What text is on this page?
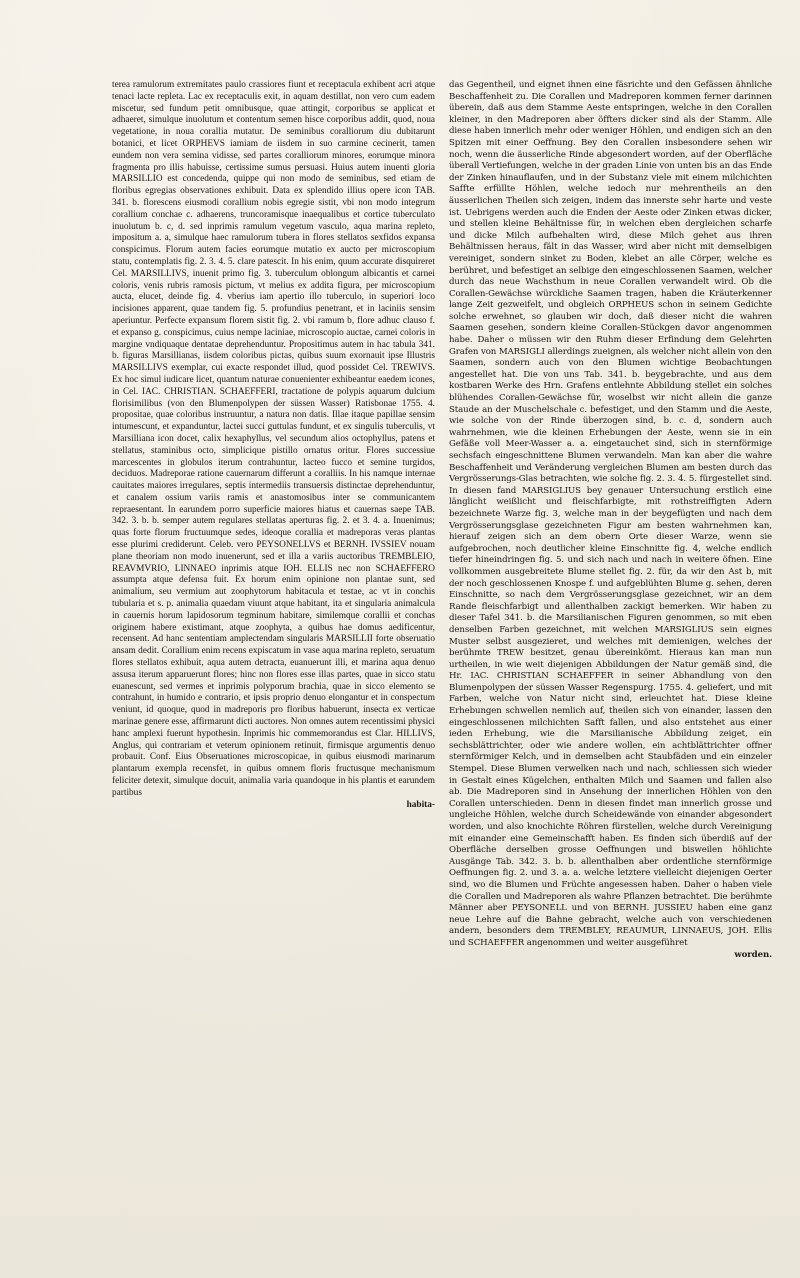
terea ramulorum extremitates paulo crassiores fiunt et receptacula exhibent acri atque tenaci lacte repleta. Lac ex receptaculis exit, in aquam destillat, non vero cum eadem miscetur, sed fundum petit omnibusque, quae attingit, corporibus se applicat et adhaeret, simulque inuolutum et contentum semen hisce corporibus addit, quod, noua vegetatione, in noua corallia mutatur. De seminibus coralliorum diu dubitarunt botanici, et licet ORPHEVS iamiam de iisdem in suo carmine cecinerit, tamen eundem non vera semina vidisse, sed partes coralliorum minores, eorumque minora fragmenta pro illis habuisse, certissime sumus persuasi. Huius autem inuenti gloria MARSILLIO est concedenda, quippe qui non modo de seminibus, sed etiam de floribus egregias observationes exhibuit. Data ex splendido illius opere icon TAB. 341. b. florescens eiusmodi corallium nobis egregie sistit, vbi non modo integrum corallium conchae c. adhaerens, truncoramisque inaequalibus et cortice tuberculato inuolutum b. c, d. sed inprimis ramulum vegetum vasculo, aqua marina repleto, impositum a. a, simulque haec ramulorum tubera in flores stellatos sexfidos expansa conspicimus. Florum autem facies eorumque mutatio ex aucto per microscopium statu, contemplatis fig. 2. 3. 4. 5. clare patescit. In his enim, quum accurate disquireret Cel. MARSILLIVS, inuenit primo fig. 3. tuberculum oblongum albicantis et carnei coloris, venis rubris ramosis pictum, vt melius ex addita figura, per microscopium aucta, elucet, deinde fig. 4. vberius iam apertio illo tuberculo, in superiori loco incisiones apparent, quae tandem fig. 5. profundius penetrant, et in laciniis sensim aperiuntur. Perfecte expansum florem sistit fig. 2. vbi ramum b, flore adhuc clauso f. et expanso g. conspicimus, cuius nempe laciniae, microscopio auctae, carnei coloris in margine vndiquaque dentatae deprehenduntur. Propositimus autem in hac tabula 341. b. figuras Marsillianas, iisdem coloribus pictas, quibus suum exornauit ipse Illustris MARSILLIVS exemplar, cui exacte respondet illud, quod possidet Cel. TREWIVS. Ex hoc simul iudicare licet, quantum naturae conuenienter exhibeantur eaedem icones, in Cel. IAC. CHRISTIAN. SCHAEFFERI, tractatione de polypis aquarum dulcium florisimilibus (von den Blumenpolypen der süssen Wasser) Ratisbonae 1755. 4. propositae, quae coloribus instruuntur, a natura non datis. Illae itaque papillae sensim intumescunt, et expanduntur, lactei succi guttulas fundunt, et ex singulis tuberculis, vt Marsilliana icon docet, calix hexaphyllus, vel secundum alios octophyllus, patens et stellatus, staminibus octo, simplicique pistillo ornatus oritur. Flores successiue marcescentes in globulos iterum contrahuntur, lacteo fucco et semine turgidos, deciduos. Madreporae ratione cauernarum differunt a coralliis. In his namque internae cauitates maiores irregulares, septis intermediis transuersis distinctae deprehenduntur, et canalem ossium variis ramis et anastomosibus inter se communicantem repraesentant. In earundem porro superficie maiores hiatus et cauernas saepe TAB. 342. 3. b. b. semper autem regulares stellatas aperturas fig. 2. et 3. 4. a. Inuenimus; quas forte florum fructuumque sedes, ideoque corallia et madreporas veras plantas esse plurimi crediderunt. Celeb. vero PEYSONELLVS et BERNH. IVSSIEV nouam plane theoriam non modo inuenerunt, sed et illa a variis auctoribus TREMBLEIO, REAVMVRIO, LINNAEO inprimis atque IOH. ELLIS nec non SCHAEFFERO assumpta atque defensa fuit. Ex horum enim opinione non plantae sunt, sed animalium, seu vermium aut zoophytorum habitacula et testae, ac vt in conchis tubularia et s. p. animalia quaedam viuunt atque habitant, ita et singularia animalcula in cauernis horum lapidosorum tegminum habitare, similemque corallii et conchas originem habere existimant, atque zoophyta, a quibus hae domus aedificentur, recensent. Ad hanc sententiam amplectendam singularis MARSILLII forte obseruatio ansam dedit. Corallium enim recens expiscatum in vase aqua marina repleto, seruatum flores stellatos exhibuit, aqua autem detracta, euanuerunt illi, et marina aqua denuo assusa iterum apparuerunt flores; hinc non flores esse illas partes, quae in sicco statu euanescunt, sed vermes et inprimis polyporum brachia, quae in sicco elemento se contrahunt, in humido e contrario, et ipsis proprio denuo elongantur et in conspectum veniunt, id quoque, quod in madreporis pro floribus habuerunt, insecta ex verticae marinae genere esse, affirmarunt dicti auctores. Non omnes autem recentissimi physici hanc amplexi fuerunt hypothesin. Inprimis hic commemorandus est Clar. HILLIVS, Anglus, qui contrariam et veterum opinionem retinuit, firmisque argumentis denuo probauit. Conf. Eius Obseruationes microscopicae, in quibus eiusmodi marinarum plantarum exempla recensfet, in quibus omnem floris fructusque mechanismum feliciter detexit, simulque docuit, animalia varia quandoque in his plantis et earundem partibus

habita-

das Gegentheil, und eignet ihnen eine fäsrichte und den Gefässen ähnliche Beschaffenheit zu. Die Corallen und Madreporen kommen ferner darinnen überein, daß aus dem Stamme Aeste entspringen, welche in den Corallen kleiner, in den Madreporen aber öffters dicker sind als der Stamm. Alle diese haben innerlich mehr oder weniger Höhlen, und endigen sich an den Spitzen mit einer Oeffnung. Bey den Corallen insbesondere sehen wir noch, wenn die äusserliche Rinde abgesondert worden, auf der Oberfläche überall Vertiefungen, welche in der graden Linie von unten bis an das Ende der Zinken hinauflaufen, und in der Substanz viele mit einem milchichten Saffte erfüllte Höhlen, welche iedoch nur mehrentheils an den äusserlichen Theilen sich zeigen, indem das innerste sehr harte und veste ist. Uebrigens werden auch die Enden der Aeste oder Zinken etwas dicker, und stellen kleine Behältnisse für, in welchen eben dergleichen scharfe und dicke Milch aufbehalten wird, diese Milch gehet aus ihren Behältnissen heraus, fält in das Wasser, wird aber nicht mit demselbigen vereiniget, sondern sinket zu Boden, klebet an alle Cörper, welche es berühret, und befestiget an selbige den eingeschlossenen Saamen, welcher durch das neue Wachsthum in neue Corallen verwandelt wird. Ob die Corallen-Gewächse würckliche Saamen tragen, haben die Kräuterkenner lange Zeit gezweifelt, und obgleich ORPHEUS schon in seinem Gedichte solche erwehnet, so glauben wir doch, daß dieser nicht die wahren Saamen gesehen, sondern kleine Corallen-Stückgen davor angenommen habe. Daher o müssen wir den Ruhm dieser Erfindung dem Gelehrten Grafen von MARSIGLI allerdings zueignen, als welcher nicht allein von den Saamen, sondern auch von den Blumen wichtige Beobachtungen angestellet hat. Die von uns Tab. 341. b. beygebrachte, und aus dem kostbaren Werke des Hrn. Grafens entlehnte Abbildung stellet ein solches blühendes Corallen-Gewächse für, woselbst wir nicht allein die ganze Staude an der Muschelschale c. befestiget, und den Stamm und die Aeste, wie solche von der Rinde überzogen sind, b. c. d, sondern auch wahrnehmen, wie die kleinen Erhebungen der Aeste, wenn sie in ein Gefäße voll Meer-Wasser a. a. eingetauchet sind, sich in sternförmige sechsfach eingeschnittene Blumen verwandeln. Man kan aber die wahre Beschaffenheit und Veränderung vergleichen Blumen am besten durch das Vergrösserungs-Glas betrachten, wie solche fig. 2. 3. 4. 5. fürgestellet sind. In diesen fand MARSIGLIUS bey genauer Untersuchung erstlich eine länglicht weißlicht und fleischfarbigte, mit rothstreiffigten Adern bezeichnete Warze fig. 3, welche man in der beygefügten und nach dem Vergrösserungsglase gezeichneten Figur am besten wahrnehmen kan, hierauf zeigen sich an dem obern Orte dieser Warze, wenn sie aufgebrochen, noch deutlicher kleine Einschnitte fig. 4, welche endlich tiefer hineindringen fig. 5. und sich nach und nach in weitere öfnen. Eine vollkommen ausgebreitete Blume stellet fig. 2. für, da wir den Ast b, mit der noch geschlossenen Knospe f. und aufgeblühten Blume g. sehen, deren Einschnitte, so nach dem Vergrösserungsglase gezeichnet, wir an dem Rande fleischfarbigt und allenthalben zackigt bemerken. Wir haben zu dieser Tafel 341. b. die Marsilianischen Figuren genommen, so mit eben denselben Farben gezeichnet, mit welchen MARSIGLIUS sein eignes Muster selbst ausgezieret, und welches mit demienigen, welches der berühmte TREW besitzet, genau übereinkömt. Hieraus kan man nun urtheilen, in wie weit diejenigen Abbildungen der Natur gemäß sind, die Hr. IAC. CHRISTIAN SCHAEFFER in seiner Abhandlung von den Blumenpolypen der süssen Wasser Regenspurg. 1755. 4. geliefert, und mit Farben, welche von Natur nicht sind, erleuchtet hat. Diese kleine Erhebungen schwellen nemlich auf, theilen sich von einander, lassen den eingeschlossenen milchichten Safft fallen, und also entstehet aus einer ieden Erhebung, wie die Marsilianische Abbildung zeiget, ein sechsblättrichter, oder wie andere wollen, ein achtblättrichter offner sternförmiger Kelch, und in demselben acht Staubfäden und ein einzeler Stempel. Diese Blumen verwelken nach und nach, schliessen sich wieder in Gestalt eines Kügelchen, enthalten Milch und Saamen und fallen also ab. Die Madreporen sind in Ansehung der innerlichen Höhlen von den Corallen unterschieden. Denn in diesen findet man innerlich grosse und ungleiche Höhlen, welche durch Scheidewände von einander abgesondert worden, und also knochichte Röhren fürstellen, welche durch Vereinigung mit einander eine Gemeinschafft haben. Es finden sich überdiß auf der Oberfläche derselben grosse Oeffnungen und bisweilen höhlichte Ausgänge Tab. 342. 3. b. b. allenthalben aber ordentliche sternförmige Oeffnungen fig. 2. und 3. a. a. welche letztere vielleicht diejenigen Oerter sind, wo die Blumen und Früchte angesessen haben. Daher o haben viele die Corallen und Madreporen als wahre Pflanzen betrachtet. Die berühmte Männer aber PEYSONELL und von BERNH. JUSSIEU haben eine ganz neue Lehre auf die Bahne gebracht, welche auch von verschiedenen andern, besonders dem TREMBLEY, REAUMUR, LINNAEUS, JOH. Ellis und SCHAEFFER angenommen und weiter ausgeführet

worden.
